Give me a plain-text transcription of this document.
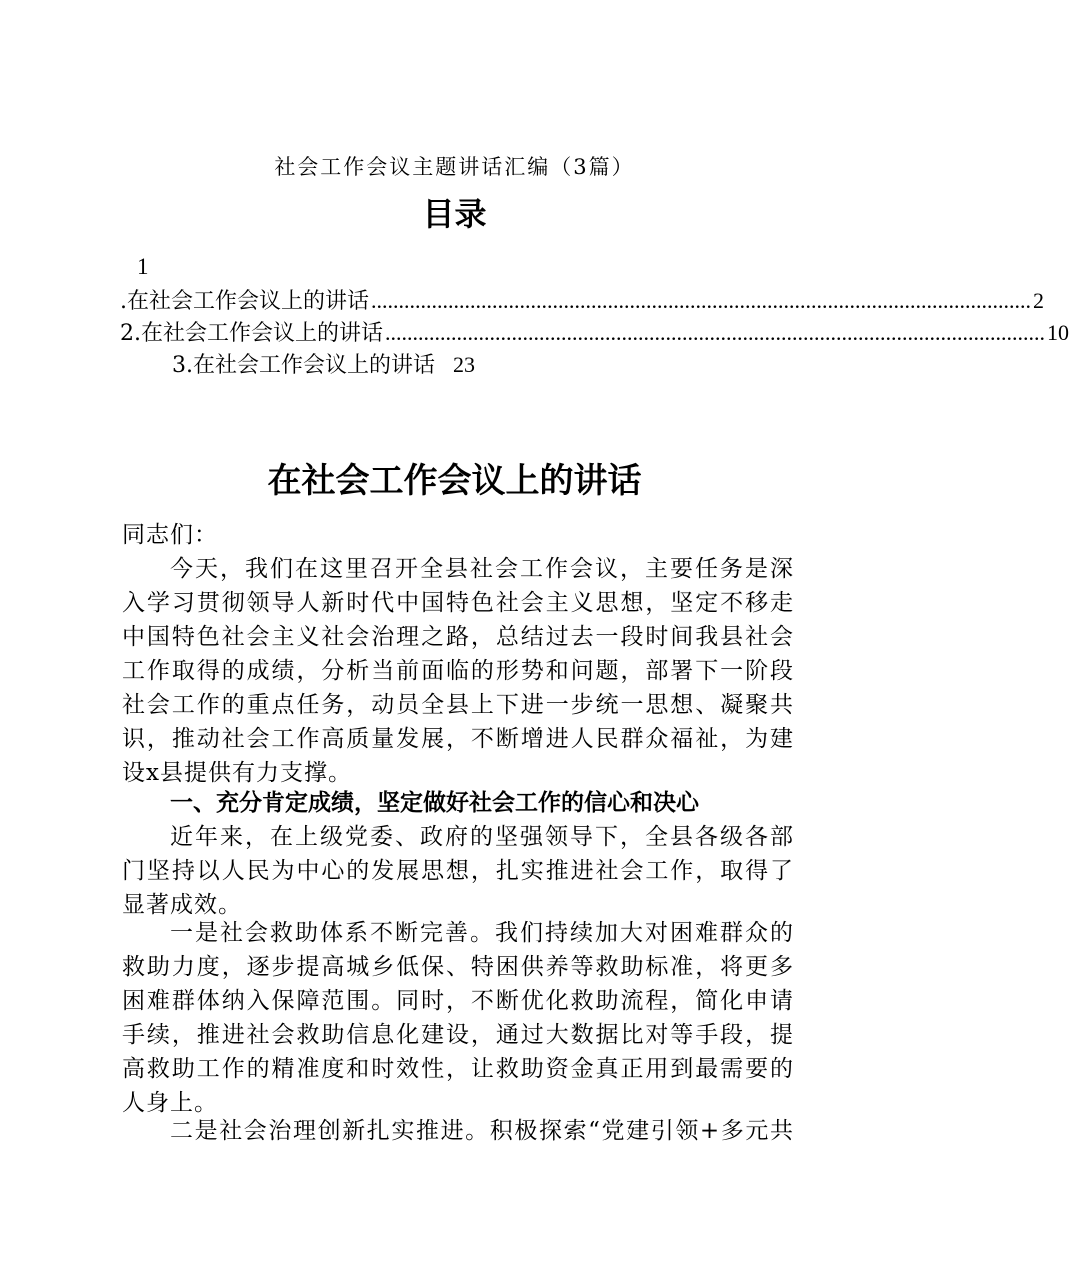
社会工作会议主题讲话汇编（3篇）
目录
1
.在社会工作会议上的讲话 ........................................................................................................................ 2
2.在社会工作会议上的讲话 ........................................................................................................................ 10
3.在社会工作会议上的讲话 23
在社会工作会议上的讲话
同志们：
今天，我们在这里召开全县社会工作会议，主要任务是深
入学习贯彻领导人新时代中国特色社会主义思想，坚定不移走
中国特色社会主义社会治理之路，总结过去一段时间我县社会
工作取得的成绩，分析当前面临的形势和问题，部署下一阶段
社会工作的重点任务，动员全县上下进一步统一思想、凝聚共
识，推动社会工作高质量发展，不断增进人民群众福祉，为建
设x县提供有力支撑。
一、充分肯定成绩，坚定做好社会工作的信心和决心
近年来，在上级党委、政府的坚强领导下，全县各级各部
门坚持以人民为中心的发展思想，扎实推进社会工作，取得了
显著成效。
一是社会救助体系不断完善。我们持续加大对困难群众的
救助力度，逐步提高城乡低保、特困供养等救助标准，将更多
困难群体纳入保障范围。同时，不断优化救助流程，简化申请
手续，推进社会救助信息化建设，通过大数据比对等手段，提
高救助工作的精准度和时效性，让救助资金真正用到最需要的
人身上。
二是社会治理创新扎实推进。积极探索“党建引领+多元共
